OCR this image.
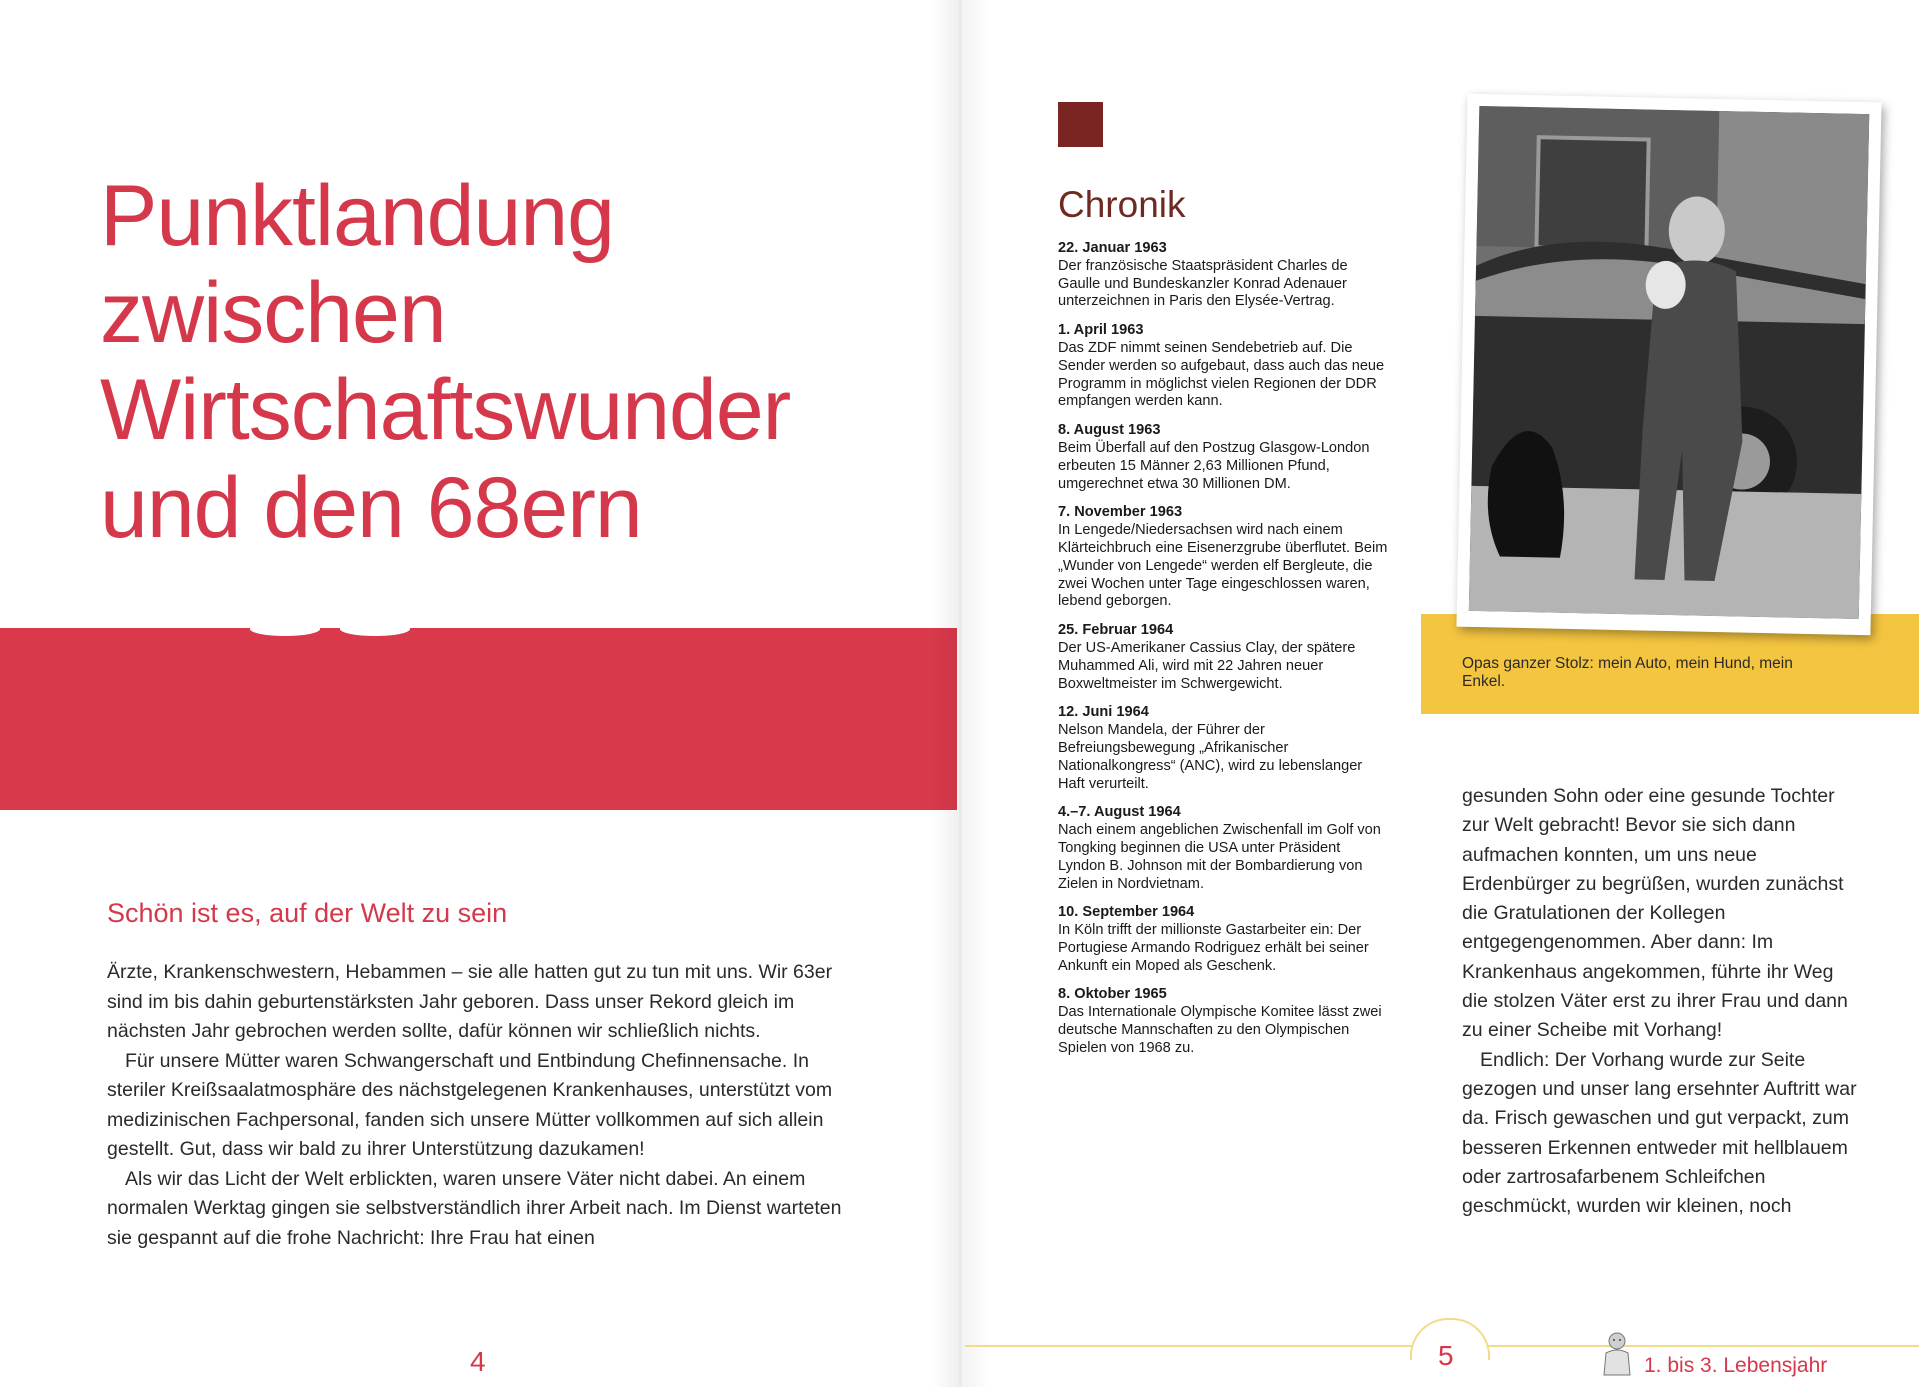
Punktlandung
zwischen
Wirtschaftswunder
und den 68ern
Schön ist es, auf der Welt zu sein

Ärzte, Krankenschwestern, Hebammen – sie alle hatten gut zu tun mit uns. Wir 63er sind im bis dahin geburtenstärksten Jahr geboren. Dass unser Rekord gleich im nächsten Jahr gebrochen werden sollte, dafür können wir schließlich nichts.

Für unsere Mütter waren Schwangerschaft und Entbindung Chefinnensache. In steriler Kreißsaalatmosphäre des nächstgelegenen Krankenhauses, unterstützt vom medizinischen Fachpersonal, fanden sich unsere Mütter vollkommen auf sich allein gestellt. Gut, dass wir bald zu ihrer Unterstützung dazukamen!

Als wir das Licht der Welt erblickten, waren unsere Väter nicht dabei. An einem normalen Werktag gingen sie selbstverständlich ihrer Arbeit nach. Im Dienst warteten sie gespannt auf die frohe Nachricht: Ihre Frau hat einen

4
Chronik
22. Januar 1963
Der französische Staatspräsident Charles de Gaulle und Bundeskanzler Konrad Adenauer unterzeichnen in Paris den Elysée-Vertrag.
1. April 1963
Das ZDF nimmt seinen Sendebetrieb auf. Die Sender werden so aufgebaut, dass auch das neue Programm in möglichst vielen Regionen der DDR empfangen werden kann.
8. August 1963
Beim Überfall auf den Postzug Glasgow-London erbeuten 15 Männer 2,63 Millionen Pfund, umgerechnet etwa 30 Millionen DM.
7. November 1963
In Lengede/Niedersachsen wird nach einem Klärteichbruch eine Eisenerzgrube überflutet. Beim „Wunder von Lengede“ werden elf Bergleute, die zwei Wochen unter Tage eingeschlossen waren, lebend geborgen.
25. Februar 1964
Der US-Amerikaner Cassius Clay, der spätere Muhammed Ali, wird mit 22 Jahren neuer Boxweltmeister im Schwergewicht.
12. Juni 1964
Nelson Mandela, der Führer der Befreiungsbewegung „Afrikanischer Nationalkongress“ (ANC), wird zu lebenslanger Haft verurteilt.
4.–7. August 1964
Nach einem angeblichen Zwischenfall im Golf von Tongking beginnen die USA unter Präsident Lyndon B. Johnson mit der Bombardierung von Zielen in Nordvietnam.
10. September 1964
In Köln trifft der millionste Gastarbeiter ein: Der Portugiese Armando Rodriguez erhält bei seiner Ankunft ein Moped als Geschenk.
8. Oktober 1965
Das Internationale Olympische Komitee lässt zwei deutsche Mannschaften zu den Olympischen Spielen von 1968 zu.
Opas ganzer Stolz: mein Auto, mein Hund, mein Enkel.

gesunden Sohn oder eine gesunde Tochter zur Welt gebracht! Bevor sie sich dann aufmachen konnten, um uns neue Erdenbürger zu begrüßen, wurden zunächst die Gratulationen der Kollegen entgegengenommen. Aber dann: Im Krankenhaus angekommen, führte ihr Weg die stolzen Väter erst zu ihrer Frau und dann zu einer Scheibe mit Vorhang!

Endlich: Der Vorhang wurde zur Seite gezogen und unser lang ersehnter Auftritt war da. Frisch gewaschen und gut verpackt, zum besseren Erkennen entweder mit hellblauem oder zartrosafarbenem Schleifchen geschmückt, wurden wir kleinen, noch

5	1. bis 3. Lebensjahr
